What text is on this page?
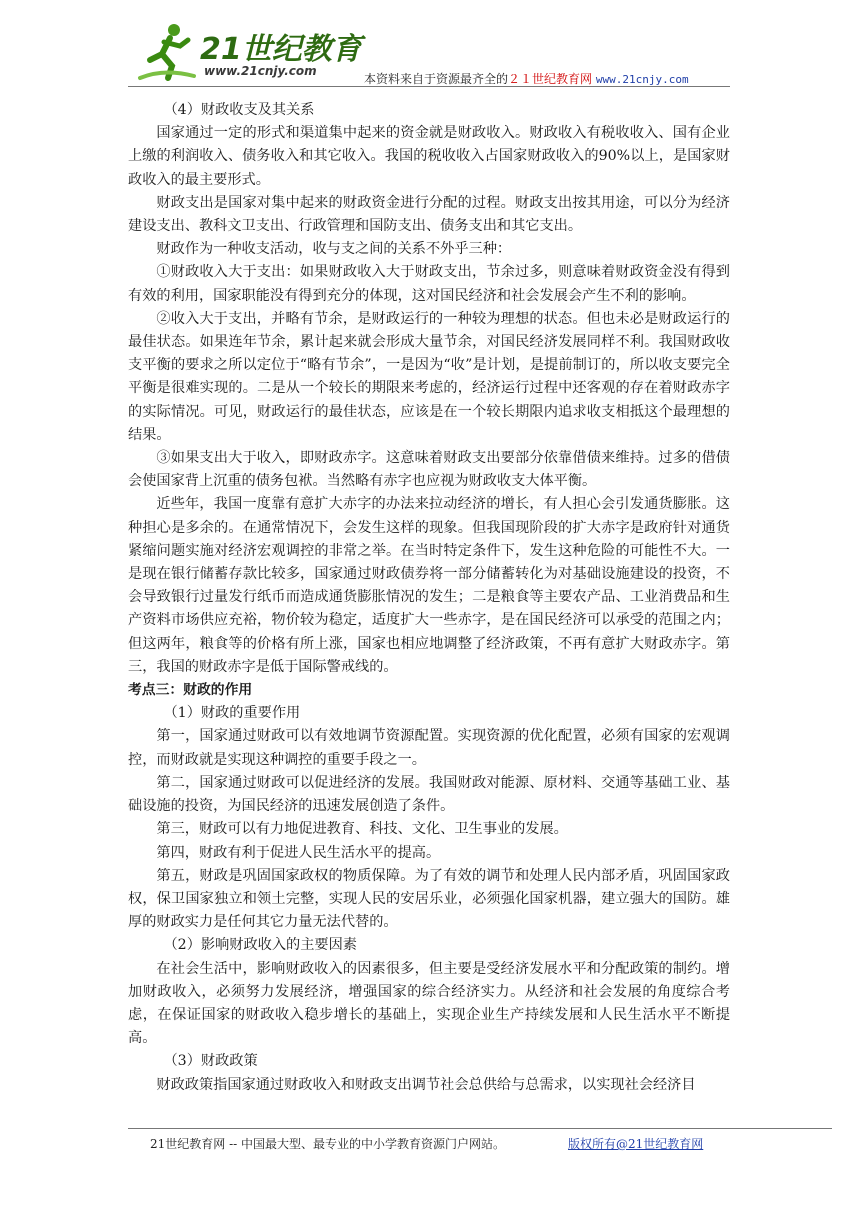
21世纪教育
www.21cnjy.com
本资料来自于资源最齐全的２１世纪教育网 www.21cnjy.com

（4）财政收支及其关系

国家通过一定的形式和渠道集中起来的资金就是财政收入。财政收入有税收收入、国有企业上缴的利润收入、债务收入和其它收入。我国的税收收入占国家财政收入的90%以上，是国家财政收入的最主要形式。

财政支出是国家对集中起来的财政资金进行分配的过程。财政支出按其用途，可以分为经济建设支出、教科文卫支出、行政管理和国防支出、债务支出和其它支出。

财政作为一种收支活动，收与支之间的关系不外乎三种：

①财政收入大于支出：如果财政收入大于财政支出，节余过多，则意味着财政资金没有得到有效的利用，国家职能没有得到充分的体现，这对国民经济和社会发展会产生不利的影响。

②收入大于支出，并略有节余，是财政运行的一种较为理想的状态。但也未必是财政运行的最佳状态。如果连年节余，累计起来就会形成大量节余，对国民经济发展同样不利。我国财政收支平衡的要求之所以定位于“略有节余”，一是因为“收”是计划，是提前制订的，所以收支要完全平衡是很难实现的。二是从一个较长的期限来考虑的，经济运行过程中还客观的存在着财政赤字的实际情况。可见，财政运行的最佳状态，应该是在一个较长期限内追求收支相抵这个最理想的结果。

③如果支出大于收入，即财政赤字。这意味着财政支出要部分依靠借债来维持。过多的借债会使国家背上沉重的债务包袱。当然略有赤字也应视为财政收支大体平衡。

近些年，我国一度靠有意扩大赤字的办法来拉动经济的增长，有人担心会引发通货膨胀。这种担心是多余的。在通常情况下，会发生这样的现象。但我国现阶段的扩大赤字是政府针对通货紧缩问题实施对经济宏观调控的非常之举。在当时特定条件下，发生这种危险的可能性不大。一是现在银行储蓄存款比较多，国家通过财政债券将一部分储蓄转化为对基础设施建设的投资，不会导致银行过量发行纸币而造成通货膨胀情况的发生；二是粮食等主要农产品、工业消费品和生产资料市场供应充裕，物价较为稳定，适度扩大一些赤字，是在国民经济可以承受的范围之内；但这两年，粮食等的价格有所上涨，国家也相应地调整了经济政策，不再有意扩大财政赤字。第三，我国的财政赤字是低于国际警戒线的。

考点三：财政的作用

（1）财政的重要作用

第一，国家通过财政可以有效地调节资源配置。实现资源的优化配置，必须有国家的宏观调控，而财政就是实现这种调控的重要手段之一。

第二，国家通过财政可以促进经济的发展。我国财政对能源、原材料、交通等基础工业、基础设施的投资，为国民经济的迅速发展创造了条件。

第三，财政可以有力地促进教育、科技、文化、卫生事业的发展。

第四，财政有利于促进人民生活水平的提高。

第五，财政是巩固国家政权的物质保障。为了有效的调节和处理人民内部矛盾，巩固国家政权，保卫国家独立和领土完整，实现人民的安居乐业，必须强化国家机器，建立强大的国防。雄厚的财政实力是任何其它力量无法代替的。

（2）影响财政收入的主要因素

在社会生活中，影响财政收入的因素很多，但主要是受经济发展水平和分配政策的制约。增加财政收入，必须努力发展经济，增强国家的综合经济实力。从经济和社会发展的角度综合考虑，在保证国家的财政收入稳步增长的基础上，实现企业生产持续发展和人民生活水平不断提高。

（3）财政政策

财政政策指国家通过财政收入和财政支出调节社会总供给与总需求，以实现社会经济目

21世纪教育网 -- 中国最大型、最专业的中小学教育资源门户网站。	版权所有@21世纪教育网
